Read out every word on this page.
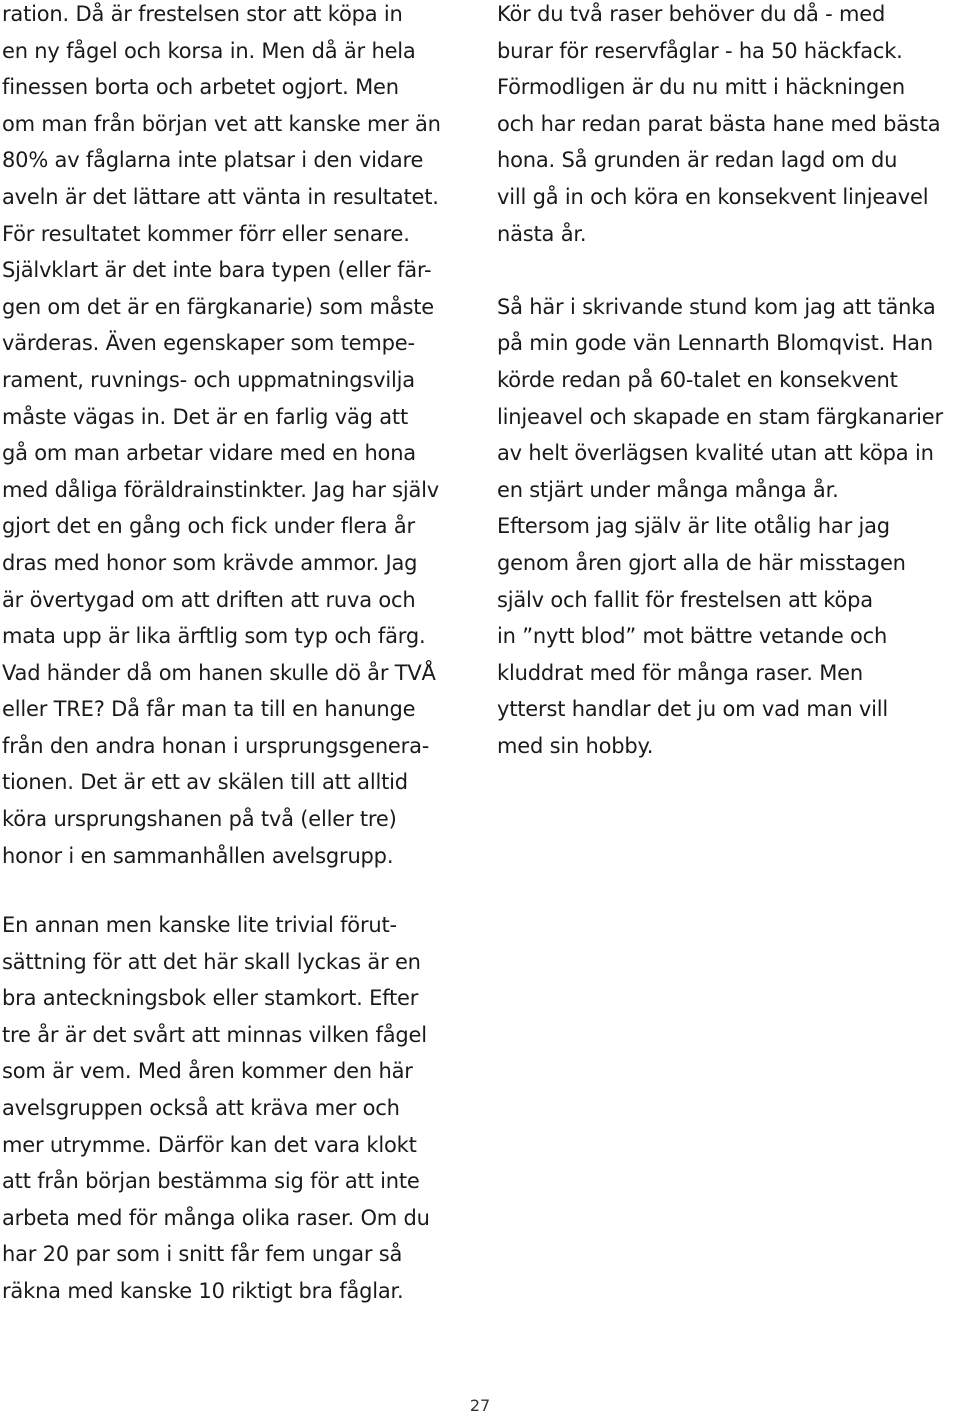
ration. Då är frestelsen stor att köpa in
en ny fågel och korsa in. Men då är hela
finessen borta och arbetet ogjort. Men
om man från början vet att kanske mer än
80% av fåglarna inte platsar i den vidare
aveln är det lättare att vänta in resultatet.
För resultatet kommer förr eller senare.
Självklart är det inte bara typen (eller fär-
gen om det är en färgkanarie) som måste
värderas. Även egenskaper som tempe-
rament, ruvnings- och uppmatningsvilja
måste vägas in. Det är en farlig väg att
gå om man arbetar vidare med en hona
med dåliga föräldrainstinkter. Jag har själv
gjort det en gång och fick under flera år
dras med honor som krävde ammor. Jag
är övertygad om att driften att ruva och
mata upp är lika ärftlig som typ och färg.
Vad händer då om hanen skulle dö år TVÅ
eller TRE? Då får man ta till en hanunge
från den andra honan i ursprungsgenera-
tionen. Det är ett av skälen till att alltid
köra ursprungshanen på två (eller tre)
honor i en sammanhållen avelsgrupp.
En annan men kanske lite trivial förut-
sättning för att det här skall lyckas är en
bra anteckningsbok eller stamkort. Efter
tre år är det svårt att minnas vilken fågel
som är vem. Med åren kommer den här
avelsgruppen också att kräva mer och
mer utrymme. Därför kan det vara klokt
att från början bestämma sig för att inte
arbeta med för många olika raser. Om du
har 20 par som i snitt får fem ungar så
räkna med kanske 10 riktigt bra fåglar.
Kör du två raser behöver du då - med
burar för reservfåglar - ha 50 häckfack.
Förmodligen är du nu mitt i häckningen
och har redan parat bästa hane med bästa
hona. Så grunden är redan lagd om du
vill gå in och köra en konsekvent linjeavel
nästa år.
Så här i skrivande stund kom jag att tänka
på min gode vän Lennarth Blomqvist. Han
körde redan på 60-talet en konsekvent
linjeavel och skapade en stam färgkanarier
av helt överlägsen kvalité utan att köpa in
en stjärt under många många år.
Eftersom jag själv är lite otålig har jag
genom åren gjort alla de här misstagen
själv och fallit för frestelsen att köpa
in ”nytt blod” mot bättre vetande och
kluddrat med för många raser. Men
ytterst handlar det ju om vad man vill
med sin hobby.
27
